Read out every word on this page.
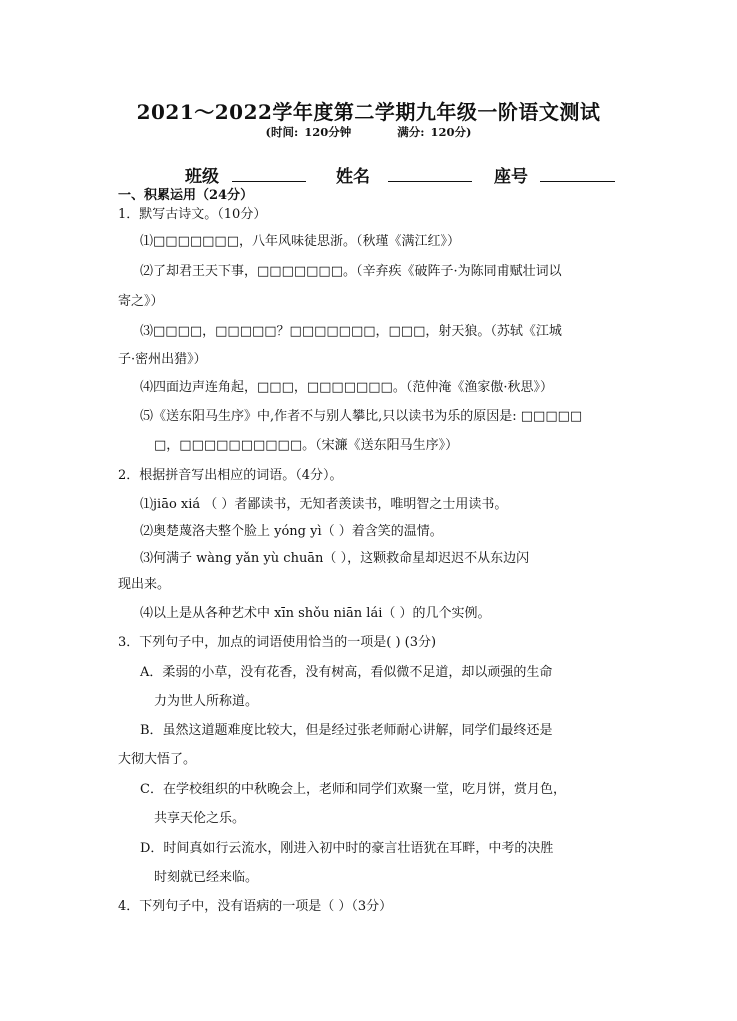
2021～2022学年度第二学期九年级一阶语文测试
(时间: 120分钟	满分: 120分)
班级	姓名	座号
一、积累运用（24分）
1．默写古诗文。（10分）
⑴□□□□□□□，八年风味徒思浙。（秋瑾《满江红》）
⑵了却君王天下事，□□□□□□□。（辛弃疾《破阵子·为陈同甫赋壮词以
寄之》）
⑶□□□□，□□□□□？□□□□□□□，□□□，射天狼。（苏轼《江城
子·密州出猎》）
⑷四面边声连角起，□□□，□□□□□□□。（范仲淹《渔家傲·秋思》）
⑸《送东阳马生序》中,作者不与别人攀比,只以读书为乐的原因是: □□□□□
□，□□□□□□□□□□。（宋濂《送东阳马生序》）
2．根据拼音写出相应的词语。（4分）。
⑴jiāo xiá （ ）者鄙读书，无知者羡读书，唯明智之士用读书。
⑵奥楚蔑洛夫整个脸上 yóng yì（ ）着含笑的温情。
⑶何满子 wàng yǎn yù chuān（ ），这颗救命星却迟迟不从东边闪
现出来。
⑷以上是从各种艺术中 xīn shǒu niān lái（ ）的几个实例。
3．下列句子中，加点的词语使用恰当的一项是( ) (3分)
A．柔弱的小草，没有花香，没有树高，看似微不足道，却以顽强的生命
力为世人所称道。
B．虽然这道题难度比较大，但是经过张老师耐心讲解，同学们最终还是
大彻大悟了。
C．在学校组织的中秋晚会上，老师和同学们欢聚一堂，吃月饼，赏月色，
共享天伦之乐。
D．时间真如行云流水，刚进入初中时的豪言壮语犹在耳畔，中考的决胜
时刻就已经来临。
4．下列句子中，没有语病的一项是（ ）（3分）
